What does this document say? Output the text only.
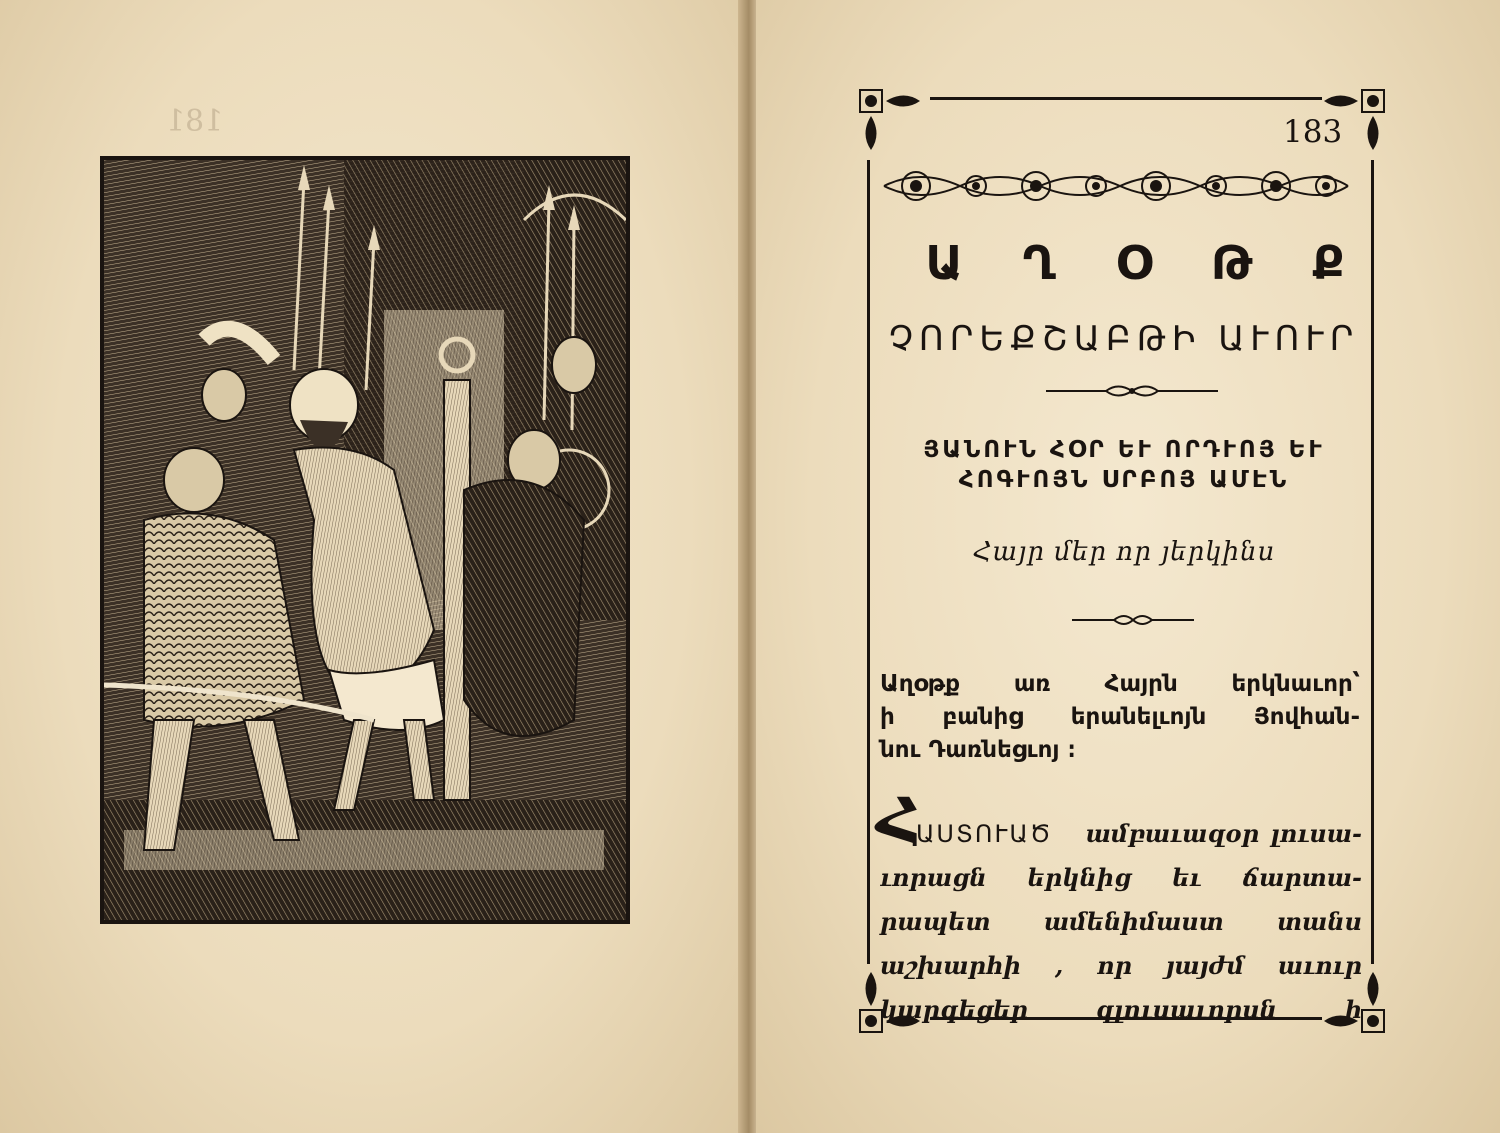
181	183
Ա Ղ Օ Թ Ք
ՉՈՐԵՔՇԱԲԹԻ ԱՒՈՒՐ
ՅԱՆՈՒՆ ՀՕՐ ԵՒ ՈՐԴՒՈՅ ԵՒ
ՀՈԳՒՈՅՆ ՍՐԲՈՅ ԱՄԷՆ
Հայր մեր որ յերկինս
Աղօթք առ Հայրն երկնաւոր՝
ի բանից երանելւոյն Յովհան-
նու Դառնեցւոյ ։
Հ
ԱՍՏՈՒԱԾ ամբաւազօր լուսա-
ւորացն երկնից եւ ճարտա-
րապետ ամենիմաստ տանս
աշխարհի , որ յայժմ աւուր
կարգեցեր զլուսաւորսն ի
